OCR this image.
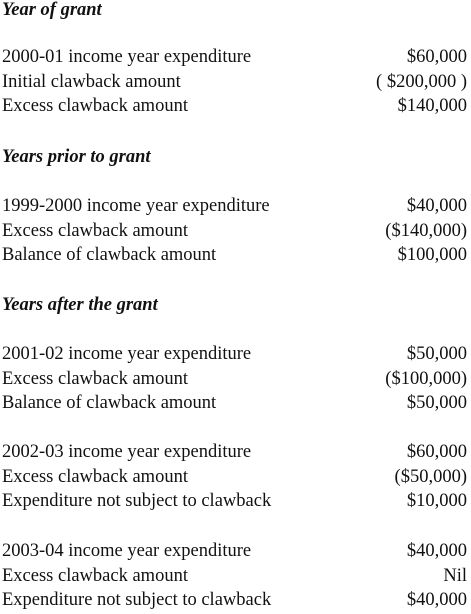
Year of grant
2000-01 income year expenditure	$60,000
Initial clawback amount	( $200,000 )
Excess clawback amount	$140,000
Years prior to grant
1999-2000 income year expenditure	$40,000
Excess clawback amount	($140,000)
Balance of clawback amount	$100,000
Years after the grant
2001-02 income year expenditure	$50,000
Excess clawback amount	($100,000)
Balance of clawback amount	$50,000
2002-03 income year expenditure	$60,000
Excess clawback amount	($50,000)
Expenditure not subject to clawback	$10,000
2003-04 income year expenditure	$40,000
Excess clawback amount	Nil
Expenditure not subject to clawback	$40,000
